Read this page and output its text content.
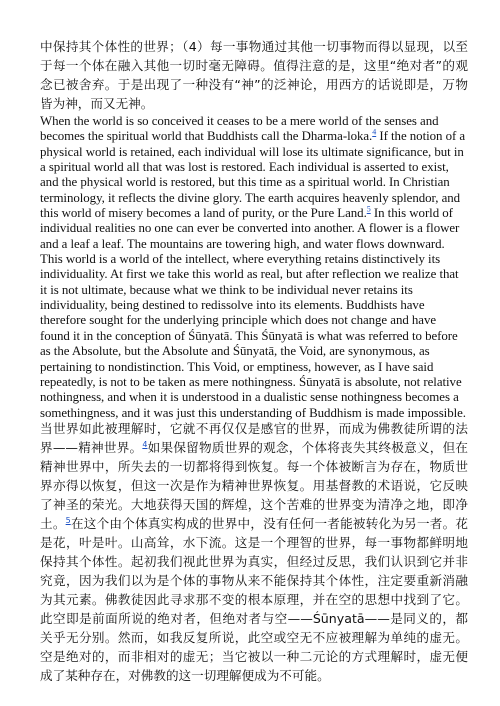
中保持其个体性的世界；（4）每一事物通过其他一切事物而得以显现，以至于每一个体在融入其他一切时毫无障碍。值得注意的是，这里“绝对者”的观念已被舍弃。于是出现了一种没有“神”的泛神论，用西方的话说即是，万物皆为神，而又无神。

When the world is so conceived it ceases to be a mere world of the senses and becomes the spiritual world that Buddhists call the Dharma-loka.$^4$ If the notion of a physical world is retained, each individual will lose its ultimate significance, but in a spiritual world all that was lost is restored. Each individual is asserted to exist, and the physical world is restored, but this time as a spiritual world. In Christian terminology, it reflects the divine glory. The earth acquires heavenly splendor, and this world of misery becomes a land of purity, or the Pure Land.$^5$ In this world of individual realities no one can ever be converted into another. A flower is a flower and a leaf a leaf. The mountains are towering high, and water flows downward. This world is a world of the intellect, where everything retains distinctively its individuality. At first we take this world as real, but after reflection we realize that it is not ultimate, because what we think to be individual never retains its individuality, being destined to redissolve into its elements. Buddhists have therefore sought for the underlying principle which does not change and have found it in the conception of Śūnyatā. This Śūnyatā is what was referred to before as the Absolute, but the Absolute and Śūnyatā, the Void, are synonymous, as pertaining to nondistinction. This Void, or emptiness, however, as I have said repeatedly, is not to be taken as mere nothingness. Śūnyatā is absolute, not relative nothingness, and when it is understood in a dualistic sense nothingness becomes a somethingness, and it was just this understanding of Buddhism is made impossible.

当世界如此被理解时，它就不再仅仅是感官的世界，而成为佛教徒所谓的法界——精神世界。$^4$如果保留物质世界的观念，个体将丧失其终极意义，但在精神世界中，所失去的一切都将得到恢复。每一个体被断言为存在，物质世界亦得以恢复，但这一次是作为精神世界恢复。用基督教的术语说，它反映了神圣的荣光。大地获得天国的辉煌，这个苦难的世界变为清净之地，即净土。$^5$在这个由个体真实构成的世界中，没有任何一者能被转化为另一者。花是花，叶是叶。山高耸，水下流。这是一个理智的世界，每一事物都鲜明地保持其个体性。起初我们视此世界为真实，但经过反思，我们认识到它并非究竟，因为我们以为是个体的事物从来不能保持其个体性，注定要重新消融为其元素。佛教徒因此寻求那不变的根本原理，并在空的思想中找到了它。此空即是前面所说的绝对者，但绝对者与空——Śūnyatā——是同义的，都关乎无分别。然而，如我反复所说，此空或空无不应被理解为单纯的虚无。空是绝对的，而非相对的虚无；当它被以一种二元论的方式理解时，虚无便成了某种存在，对佛教的这一切理解便成为不可能。
